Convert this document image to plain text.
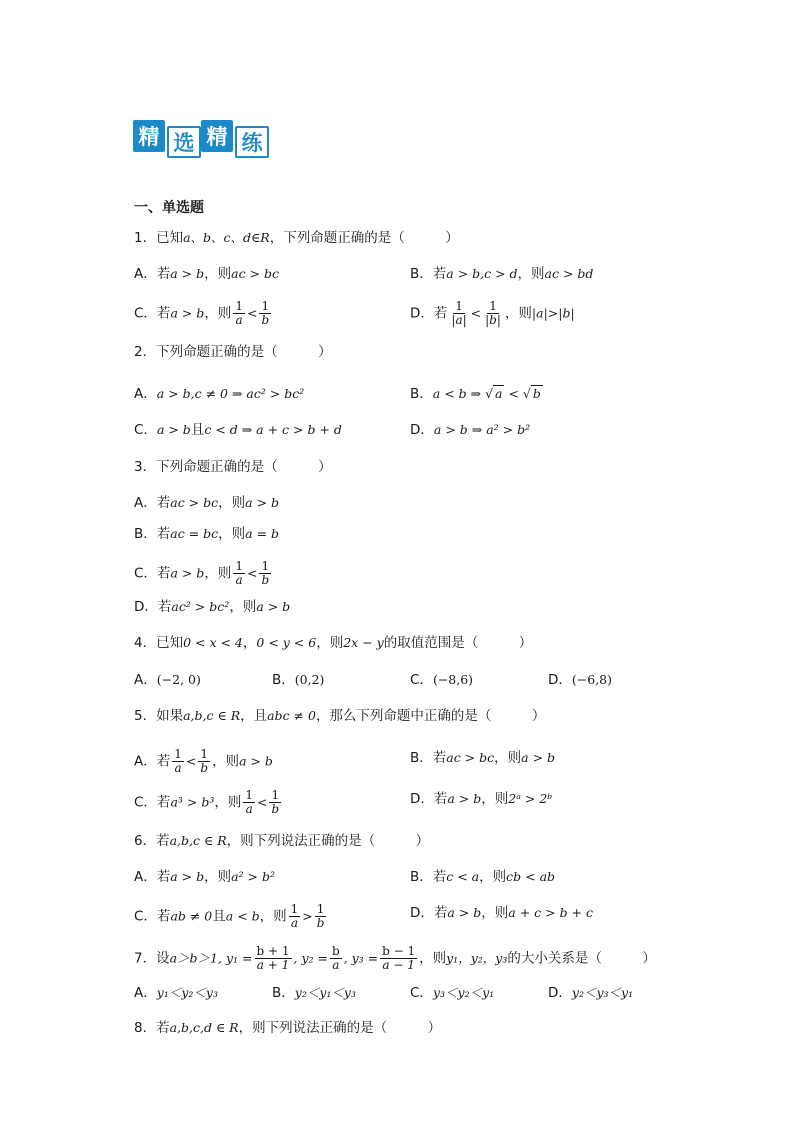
精 选 精 练
一、单选题
1．已知a、b、c、d∈R，下列命题正确的是（　　　）
A．若a > b，则ac > bc	B．若a > b,c > d，则ac > bd
C．若a > b，则 $\frac{1}{a} < \frac{1}{b}$	D．若 $\frac{1}{|a|} < \frac{1}{|b|}$ ，则|a|>|b|
2．下列命题正确的是（　　　）
A．a > b,c ≠ 0 ⇒ ac² > bc²	B．a < b ⇒ √ a < √ b
C．a > b且c < d ⇒ a + c > b + d	D．a > b ⇒ a² > b²
3．下列命题正确的是（　　　）
A．若ac > bc，则a > b
B．若ac = bc，则a = b
C．若a > b，则 $\frac{1}{a} < \frac{1}{b}$
D．若ac² > bc²，则a > b
4．已知0 < x < 4，0 < y < 6，则2x − y的取值范围是（　　　）
A．(−2, 0)	B．(0,2)	C．(−8,6)	D．(−6,8)
5．如果a,b,c ∈ R，且abc ≠ 0，那么下列命题中正确的是（　　　）
A．若 $\frac{1}{a} < \frac{1}{b}$ ，则a > b	B．若ac > bc，则a > b
C．若a³ > b³，则 $\frac{1}{a} < \frac{1}{b}$	D．若a > b，则2ᵃ > 2ᵇ
6．若a,b,c ∈ R，则下列说法正确的是（　　　）
A．若a > b，则a² > b²	B．若c < a，则cb < ab
C．若ab ≠ 0且a < b，则 $\frac{1}{a} > \frac{1}{b}$	D．若a > b，则a + c > b + c
7．设a＞b＞1, $y_1 = \frac{b + 1}{a + 1}$ , $y_2 = \frac{b}{a}$ , $y_3 = \frac{b - 1}{a - 1}$ ，则y₁，y₂，y₃的大小关系是（　　　）
A．y₁＜y₂＜y₃	B．y₂＜y₁＜y₃	C．y₃＜y₂＜y₁	D．y₂＜y₃＜y₁
8．若a,b,c,d ∈ R，则下列说法正确的是（　　　）
